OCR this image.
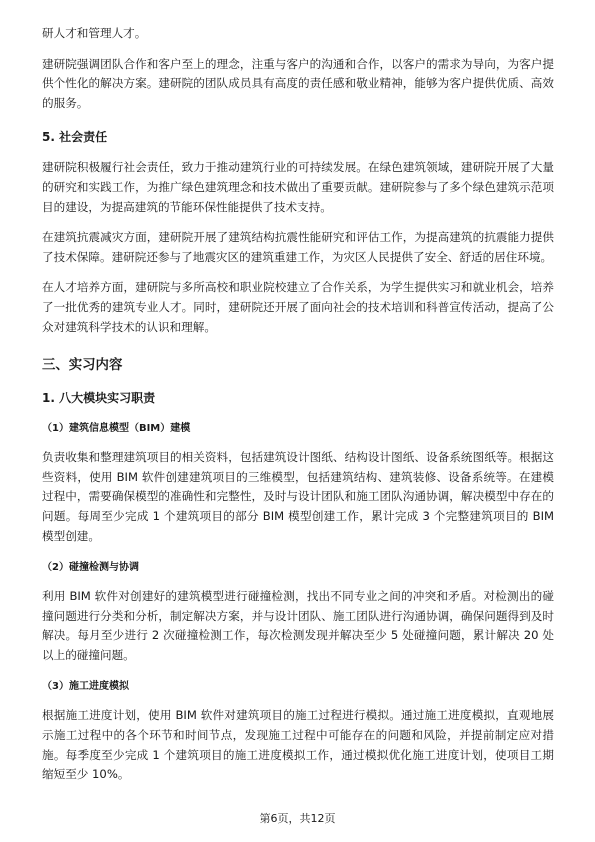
研人才和管理人才。

建研院强调团队合作和客户至上的理念，注重与客户的沟通和合作，以客户的需求为导向，为客户提供个性化的解决方案。建研院的团队成员具有高度的责任感和敬业精神，能够为客户提供优质、高效的服务。

5. 社会责任

建研院积极履行社会责任，致力于推动建筑行业的可持续发展。在绿色建筑领域，建研院开展了大量的研究和实践工作，为推广绿色建筑理念和技术做出了重要贡献。建研院参与了多个绿色建筑示范项目的建设，为提高建筑的节能环保性能提供了技术支持。

在建筑抗震减灾方面，建研院开展了建筑结构抗震性能研究和评估工作，为提高建筑的抗震能力提供了技术保障。建研院还参与了地震灾区的建筑重建工作，为灾区人民提供了安全、舒适的居住环境。

在人才培养方面，建研院与多所高校和职业院校建立了合作关系，为学生提供实习和就业机会，培养了一批优秀的建筑专业人才。同时，建研院还开展了面向社会的技术培训和科普宣传活动，提高了公众对建筑科学技术的认识和理解。

三、实习内容
1. 八大模块实习职责
（1）建筑信息模型（BIM）建模

负责收集和整理建筑项目的相关资料，包括建筑设计图纸、结构设计图纸、设备系统图纸等。根据这些资料，使用 BIM 软件创建建筑项目的三维模型，包括建筑结构、建筑装修、设备系统等。在建模过程中，需要确保模型的准确性和完整性，及时与设计团队和施工团队沟通协调，解决模型中存在的问题。每周至少完成 1 个建筑项目的部分 BIM 模型创建工作，累计完成 3 个完整建筑项目的 BIM 模型创建。

（2）碰撞检测与协调

利用 BIM 软件对创建好的建筑模型进行碰撞检测，找出不同专业之间的冲突和矛盾。对检测出的碰撞问题进行分类和分析，制定解决方案，并与设计团队、施工团队进行沟通协调，确保问题得到及时解决。每月至少进行 2 次碰撞检测工作，每次检测发现并解决至少 5 处碰撞问题，累计解决 20 处以上的碰撞问题。

（3）施工进度模拟

根据施工进度计划，使用 BIM 软件对建筑项目的施工过程进行模拟。通过施工进度模拟，直观地展示施工过程中的各个环节和时间节点，发现施工过程中可能存在的问题和风险，并提前制定应对措施。每季度至少完成 1 个建筑项目的施工进度模拟工作，通过模拟优化施工进度计划，使项目工期缩短至少 10%。

第6页，共12页
